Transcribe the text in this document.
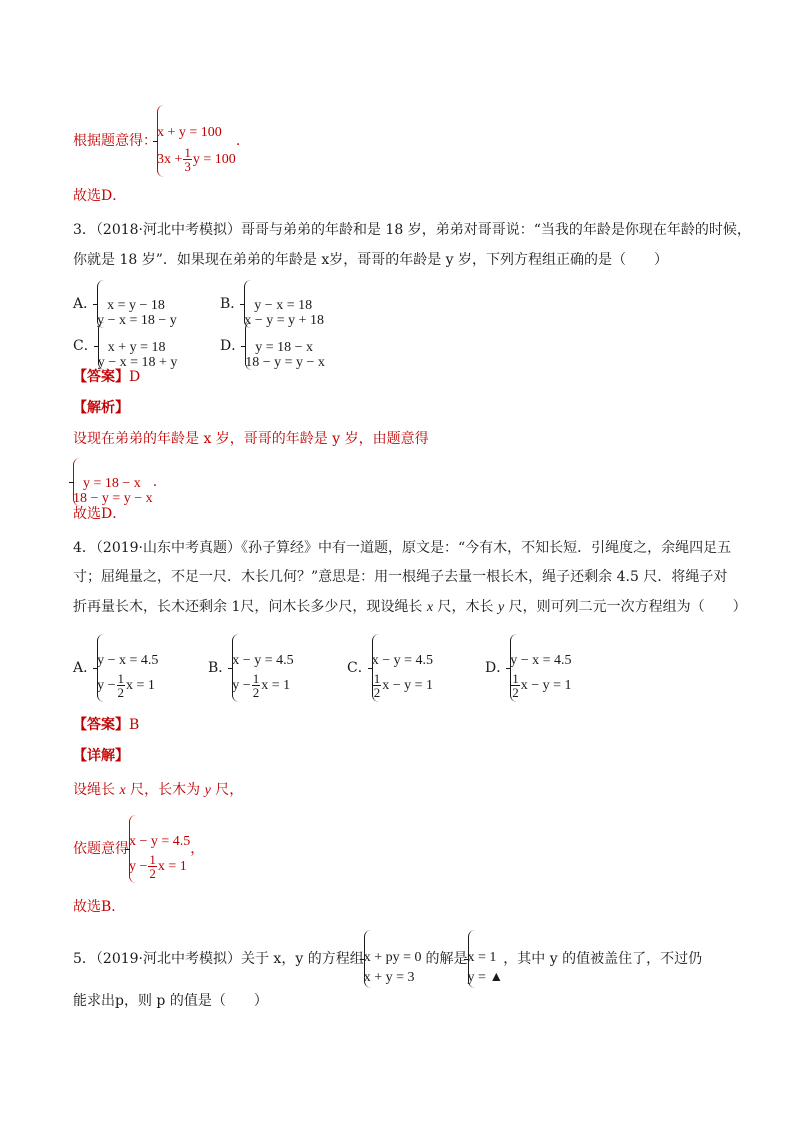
根据题意得：
x + y = 100
$3x + \frac{1}{3}$ y = 100
.
故选D．
3．（2018·河北中考模拟）哥哥与弟弟的年龄和是 18 岁，弟弟对哥哥说：“当我的年龄是你现在年龄的时候，
你就是 18 岁”．如果现在弟弟的年龄是 x岁，哥哥的年龄是 y 岁，下列方程组正确的是（　　）
A． x = y − 18
y − x = 18 − y
B． y − x = 18
x − y = y + 18
C． x + y = 18
y − x = 18 + y
D． y = 18 − x
18 − y = y − x
【答案】D
【解析】
设现在弟弟的年龄是 x 岁，哥哥的年龄是 y 岁，由题意得
y = 18 − x
18 − y = y − x
.
故选D．
4．（2019·山东中考真题）《孙子算经》中有一道题，原文是：“今有木，不知长短．引绳度之，余绳四足五
寸；屈绳量之，不足一尺．木长几何？”意思是：用一根绳子去量一根长木，绳子还剩余 4.5 尺．将绳子对
折再量长木，长木还剩余 1尺，问木长多少尺，现设绳长 x 尺，木长 y 尺，则可列二元一次方程组为（　　）
A． y − x = 4.5
$y - \frac{1}{2}$ x = 1
B． x − y = 4.5
$y - \frac{1}{2}$ x = 1
C． x − y = 4.5
$\frac{1}{2}$ x − y = 1
D． y − x = 4.5
$\frac{1}{2}$ x − y = 1
【答案】B
【详解】
设绳长 x 尺，长木为 y 尺，
依题意得 x − y = 4.5
$y - \frac{1}{2}$ x = 1
，
故选B．
5．（2019·河北中考模拟）关于 x，y 的方程组 x + py = 0
x + y = 3
的解是 x = 1
y = ▲
，其中 y 的值被盖住了，不过仍
能求出p，则 p 的值是（　　）
